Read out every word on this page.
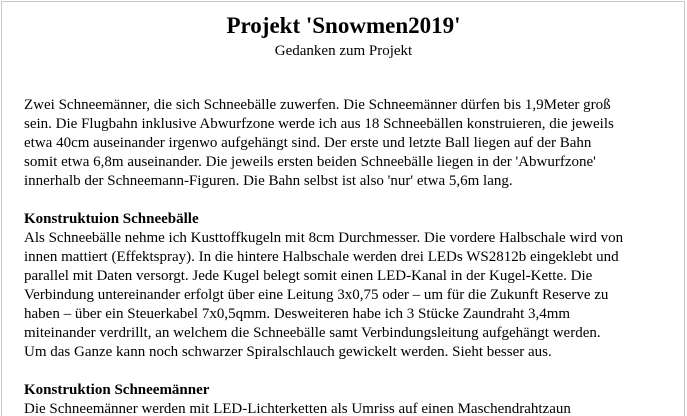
Projekt 'Snowmen2019'
Gedanken zum Projekt

Zwei Schneemänner, die sich Schneebälle zuwerfen. Die Schneemänner dürfen bis 1,9Meter groß
sein. Die Flugbahn inklusive Abwurfzone werde ich aus 18 Schneebällen konstruieren, die jeweils
etwa 40cm auseinander irgenwo aufgehängt sind. Der erste und letzte Ball liegen auf der Bahn
somit etwa 6,8m auseinander. Die jeweils ersten beiden Schneebälle liegen in der 'Abwurfzone'
innerhalb der Schneemann-Figuren. Die Bahn selbst ist also 'nur' etwa 5,6m lang.

Konstruktuion Schneebälle

Als Schneebälle nehme ich Kusttoffkugeln mit 8cm Durchmesser. Die vordere Halbschale wird von
innen mattiert (Effektspray). In die hintere Halbschale werden drei LEDs WS2812b eingeklebt und
parallel mit Daten versorgt. Jede Kugel belegt somit einen LED-Kanal in der Kugel-Kette. Die
Verbindung untereinander erfolgt über eine Leitung 3x0,75 oder – um für die Zukunft Reserve zu
haben – über ein Steuerkabel 7x0,5qmm. Desweiteren habe ich 3 Stücke Zaundraht 3,4mm
miteinander verdrillt, an welchem die Schneebälle samt Verbindungsleitung aufgehängt werden.
Um das Ganze kann noch schwarzer Spiralschlauch gewickelt werden. Sieht besser aus.

Konstruktion Schneemänner

Die Schneemänner werden mit LED-Lichterketten als Umriss auf einen Maschendrahtzaun
